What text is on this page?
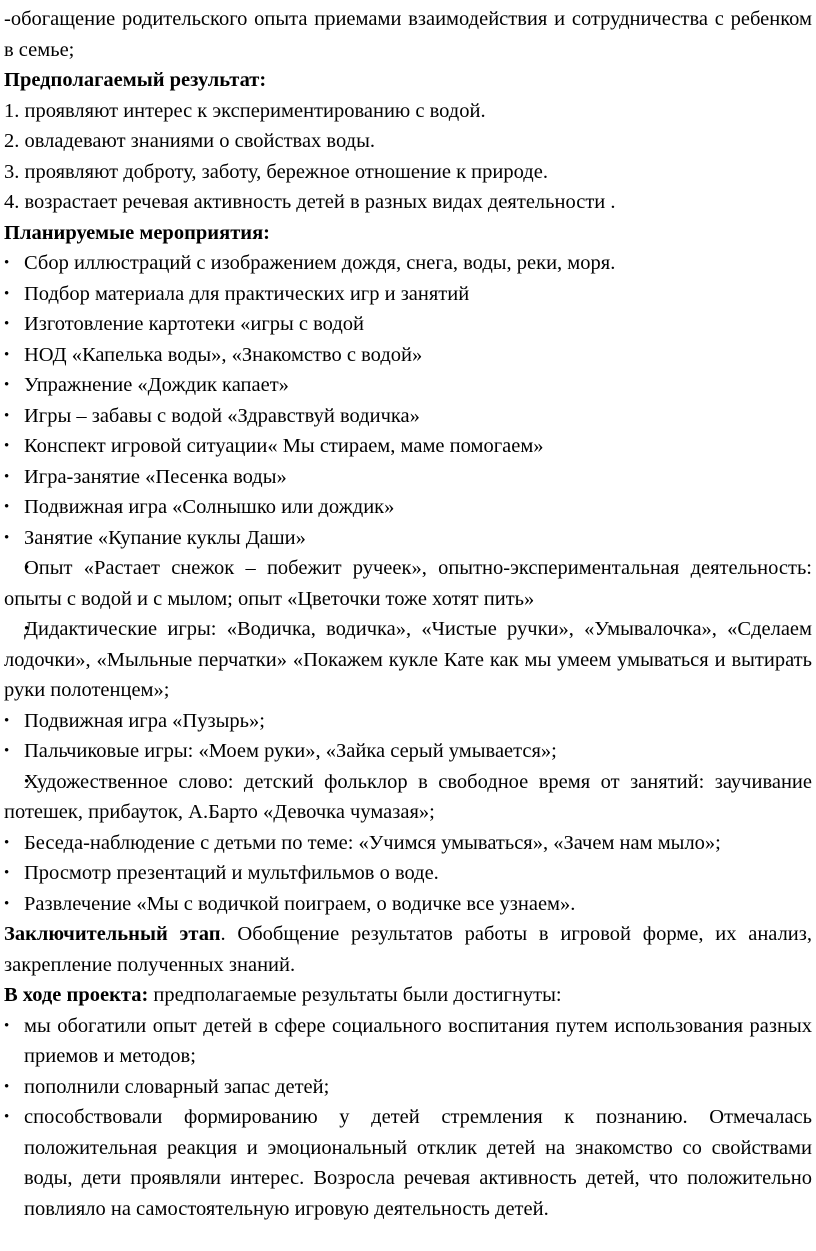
-обогащение родительского опыта приемами взаимодействия и сотрудничества с ребенком в семье;

Предполагаемый результат:

1. проявляют интерес к экспериментированию с водой.

2. овладевают знаниями о свойствах воды.

3. проявляют доброту, заботу, бережное отношение к природе.

4. возрастает речевая активность детей в разных видах деятельности .

Планируемые мероприятия:

• Сбор иллюстраций с изображением дождя, снега, воды, реки, моря.
• Подбор материала для практических игр и занятий
• Изготовление картотеки «игры с водой
• НОД «Капелька воды», «Знакомство с водой»
• Упражнение «Дождик капает»
• Игры – забавы с водой «Здравствуй водичка»
• Конспект игровой ситуации« Мы стираем, маме помогаем»
• Игра-занятие «Песенка воды»
• Подвижная игра «Солнышко или дождик»
• Занятие «Купание куклы Даши»
• Опыт «Растает снежок – побежит ручеек», опытно-экспериментальная деятельность: опыты с водой и с мылом; опыт «Цветочки тоже хотят пить»
• Дидактические игры: «Водичка, водичка», «Чистые ручки», «Умывалочка», «Сделаем лодочки», «Мыльные перчатки» «Покажем кукле Кате как мы умеем умываться и вытирать руки полотенцем»;
• Подвижная игра «Пузырь»;
• Пальчиковые игры: «Моем руки», «Зайка серый умывается»;
• Художественное слово: детский фольклор в свободное время от занятий: заучивание потешек, прибауток, А.Барто «Девочка чумазая»;
• Беседа-наблюдение с детьми по теме: «Учимся умываться», «Зачем нам мыло»;
• Просмотр презентаций и мультфильмов о воде.
• Развлечение «Мы с водичкой поиграем, о водичке все узнаем».

Заключительный этап. Обобщение результатов работы в игровой форме, их анализ, закрепление полученных знаний.

В ходе проекта: предполагаемые результаты были достигнуты:

• мы обогатили опыт детей в сфере социального воспитания путем использования разных приемов и методов;
• пополнили словарный запас детей;
• способствовали формированию у детей стремления к познанию. Отмечалась положительная реакция и эмоциональный отклик детей на знакомство со свойствами воды, дети проявляли интерес. Возросла речевая активность детей, что положительно повлияло на самостоятельную игровую деятельность детей.
